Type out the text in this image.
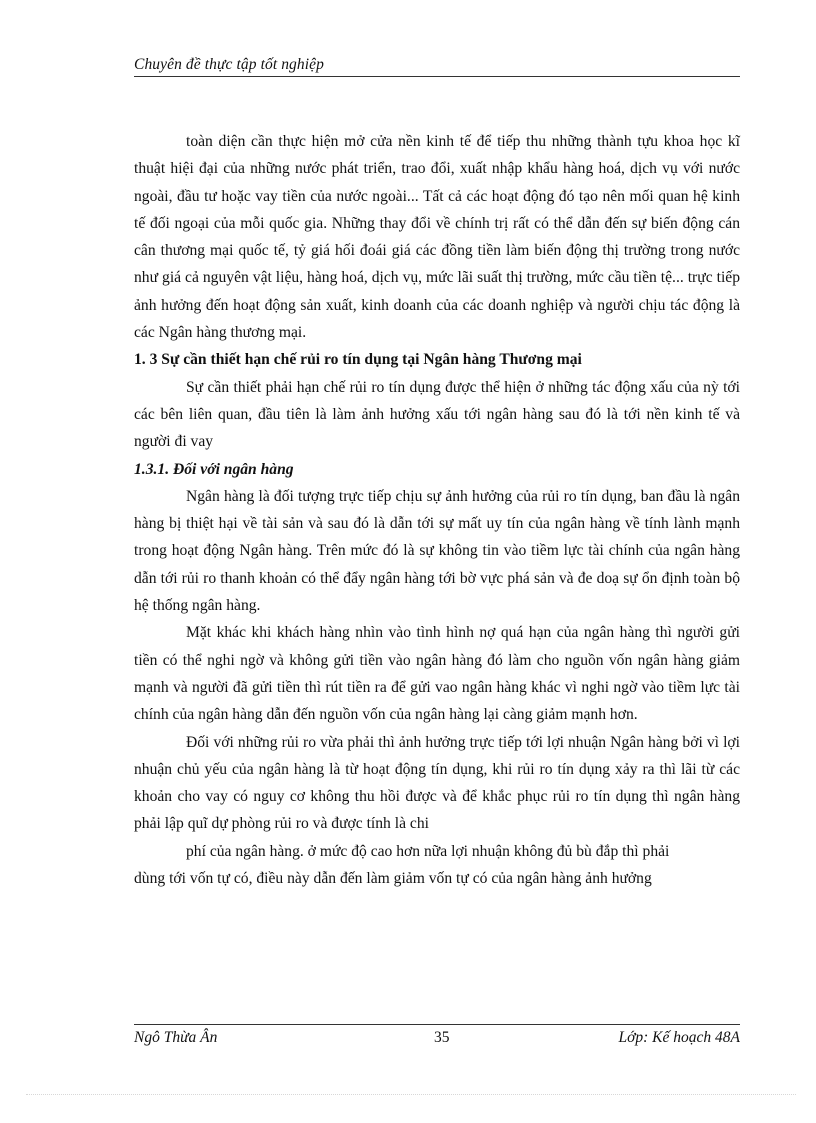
Chuyên đề thực tập tốt nghiệp

toàn diện cần thực hiện mở cửa nền kinh tế để tiếp thu những thành tựu khoa học kĩ thuật hiệi đại của những nước phát triển, trao đổi, xuất nhập khẩu hàng hoá, dịch vụ với nước ngoài, đầu tư hoặc vay tiền của nước ngoài... Tất cả các hoạt động đó tạo nên mối quan hệ kinh tế đối ngoại của mỗi quốc gia. Những thay đổi về chính trị rất có thể dẫn đến sự biến động cán cân thương mại quốc tế, tỷ giá hối đoái giá các đồng tiền làm biến động thị trường trong nước như giá cả nguyên vật liệu, hàng hoá, dịch vụ, mức lãi suất thị trường, mức cầu tiền tệ... trực tiếp ảnh hưởng đến hoạt động sản xuất, kinh doanh của các doanh nghiệp và người chịu tác động là các Ngân hàng thương mại.

1. 3 Sự cần thiết hạn chế rủi ro tín dụng tại Ngân hàng Thương mại

Sự cần thiết phải hạn chế rủi ro tín dụng được thể hiện ở những tác động xấu của nỳ tới các bên liên quan, đầu tiên là làm ảnh hưởng xấu tới ngân hàng sau đó là tới nền kinh tế và người đi vay

1.3.1. Đối với ngân hàng

Ngân hàng là đối tượng trực tiếp chịu sự ảnh hưởng của rủi ro tín dụng, ban đầu là ngân hàng bị thiệt hại về tài sản và sau đó là dẫn tới sự mất uy tín của ngân hàng về tính lành mạnh trong hoạt động Ngân hàng. Trên mức đó là sự không tin vào tiềm lực tài chính của ngân hàng dẫn tới rủi ro thanh khoản có thể đẩy ngân hàng tới bờ vực phá sản và đe doạ sự ổn định toàn bộ hệ thống ngân hàng.

Mặt khác khi khách hàng nhìn vào tình hình nợ quá hạn của ngân hàng thì người gửi tiền có thể nghi ngờ và không gửi tiền vào ngân hàng đó làm cho nguồn vốn ngân hàng giảm mạnh và người đã gửi tiền thì rút tiền ra để gửi vao ngân hàng khác vì nghi ngờ vào tiềm lực tài chính của ngân hàng dẫn đến nguồn vốn của ngân hàng lại càng giảm mạnh hơn.

Đối với những rủi ro vừa phải thì ảnh hưởng trực tiếp tới lợi nhuận Ngân hàng bởi vì lợi nhuận chủ yếu của ngân hàng là từ hoạt động tín dụng, khi rủi ro tín dụng xảy ra thì lãi từ các khoản cho vay có nguy cơ không thu hồi được và để khắc phục rủi ro tín dụng thì ngân hàng phải lập quĩ dự phòng rủi ro và được tính là chi

phí của ngân hàng. ở mức độ cao hơn nữa lợi nhuận không đủ bù đắp thì phải

dùng tới vốn tự có, điều này dẫn đến làm giảm vốn tự có của ngân hàng ảnh hưởng

Ngô Thừa Ân	35	Lớp: Kế hoạch 48A
